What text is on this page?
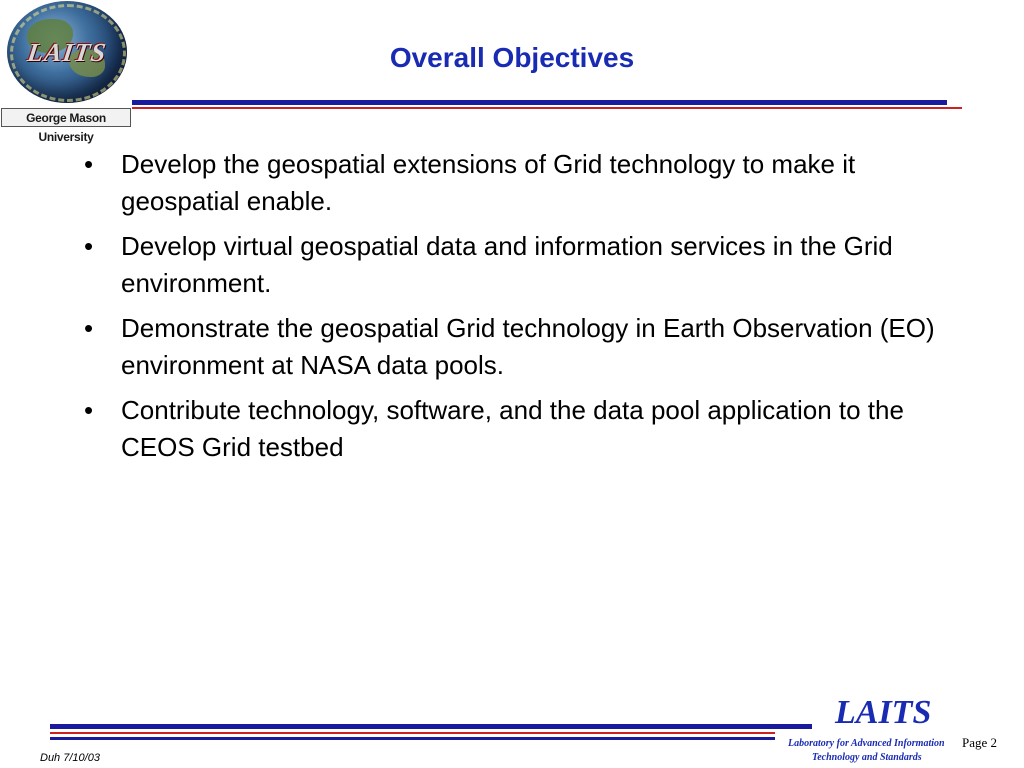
LAITS
George Mason University
Overall Objectives
•	Develop the geospatial extensions of Grid technology to make it geospatial enable.
•	Develop virtual geospatial data and information services in the Grid environment.
•	Demonstrate the geospatial Grid technology in Earth Observation (EO) environment at NASA data pools.
•	Contribute technology, software, and the data pool application to the CEOS Grid testbed
LAITS
Laboratory for Advanced Information
Technology and Standards
Page 2
Duh 7/10/03
